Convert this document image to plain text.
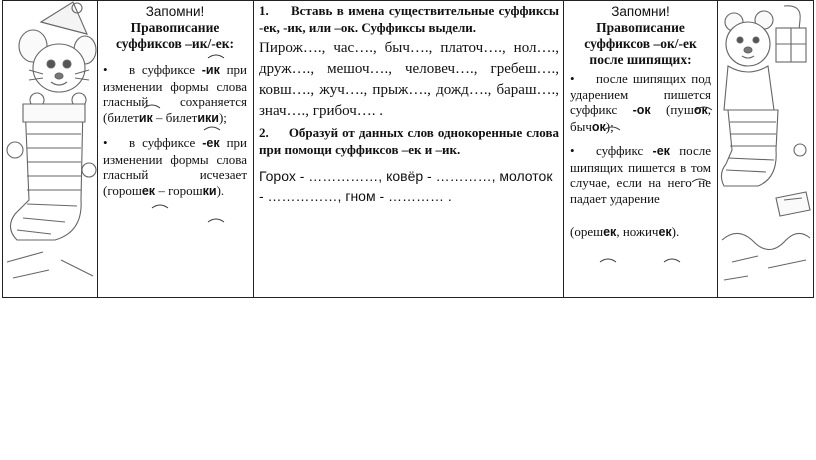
Запомни!
Правописание
суффиксов –ик/-ек:
• в суффиксе -ик при изменении формы слова гласный сохраняется (билетик – билетики);
• в суффиксе -ек при изменении формы слова гласный исчезает (горошек – горошки).
1. Вставь в имена существительные суффиксы -ек, -ик, или –ок. Суффиксы выдели.
Пирож…., час…., быч…., платоч…., нол…., друж…., мешоч…., человеч…., гребеш…., ковш…., жуч…., прыж…., дожд…., бараш…., знач…., грибоч…. .
2. Образуй от данных слов однокоренные слова при помощи суффиксов –ек и –ик.
Горох - ……………, ковёр - …………, молоток - ……………, гном - ………… .
Запомни!
Правописание
суффиксов –ок/-ек
после шипящих:
• после шипящих под ударением пишется суффикс -ок (пушок, бычок);
• суффикс -ек после шипящих пишется в том случае, если на него не падает ударение
(орешек, ножичек).
